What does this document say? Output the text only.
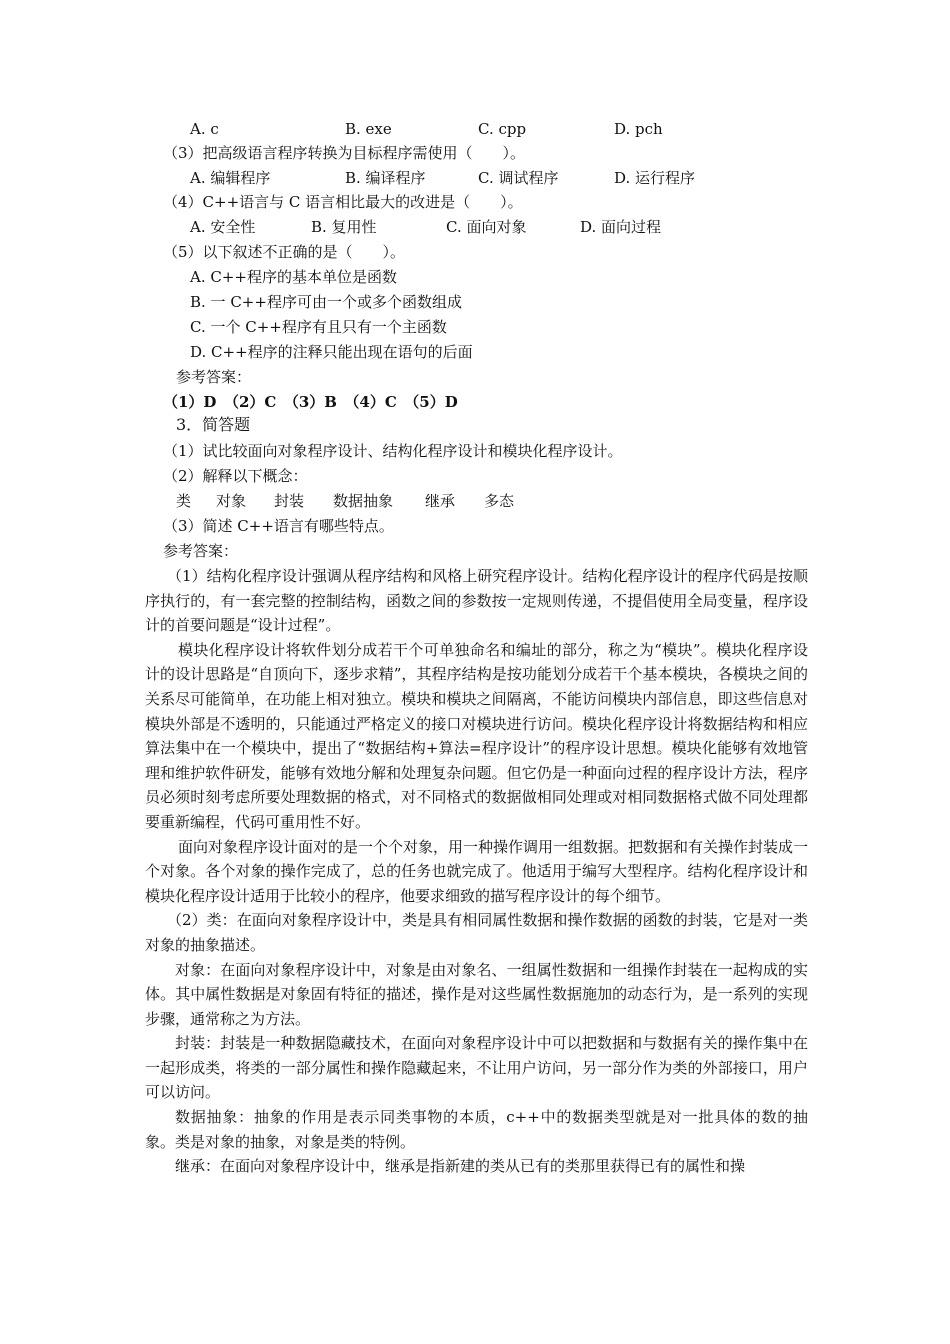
A. c	B. exe	C. cpp	D. pch
（3）把高级语言程序转换为目标程序需使用（　　）。
A. 编辑程序	B. 编译程序	C. 调试程序	D. 运行程序
（4）C++语言与 C 语言相比最大的改进是（　　）。
A. 安全性	B. 复用性	C. 面向对象	D. 面向过程
（5）以下叙述不正确的是（　　）。
A. C++程序的基本单位是函数
B. 一 C++程序可由一个或多个函数组成
C. 一个 C++程序有且只有一个主函数
D. C++程序的注释只能出现在语句的后面
参考答案：
（1）D　（2）C　（3）B　（4）C　（5）D
3．简答题
（1）试比较面向对象程序设计、结构化程序设计和模块化程序设计。
（2）解释以下概念：
类 对象 封装 数据抽象 继承 多态
（3）简述 C++语言有哪些特点。
参考答案：

（1）结构化程序设计强调从程序结构和风格上研究程序设计。结构化程序设计的程序代码是按顺序执行的，有一套完整的控制结构，函数之间的参数按一定规则传递，不提倡使用全局变量，程序设计的首要问题是“设计过程”。

模块化程序设计将软件划分成若干个可单独命名和编址的部分，称之为“模块”。模块化程序设计的设计思路是“自顶向下，逐步求精”，其程序结构是按功能划分成若干个基本模块，各模块之间的关系尽可能简单，在功能上相对独立。模块和模块之间隔离，不能访问模块内部信息，即这些信息对模块外部是不透明的，只能通过严格定义的接口对模块进行访问。模块化程序设计将数据结构和相应算法集中在一个模块中，提出了“数据结构+算法=程序设计”的程序设计思想。模块化能够有效地管理和维护软件研发，能够有效地分解和处理复杂问题。但它仍是一种面向过程的程序设计方法，程序员必须时刻考虑所要处理数据的格式，对不同格式的数据做相同处理或对相同数据格式做不同处理都要重新编程，代码可重用性不好。

面向对象程序设计面对的是一个个对象，用一种操作调用一组数据。把数据和有关操作封装成一个对象。各个对象的操作完成了，总的任务也就完成了。他适用于编写大型程序。结构化程序设计和模块化程序设计适用于比较小的程序，他要求细致的描写程序设计的每个细节。

（2）类：在面向对象程序设计中，类是具有相同属性数据和操作数据的函数的封装，它是对一类对象的抽象描述。

对象：在面向对象程序设计中，对象是由对象名、一组属性数据和一组操作封装在一起构成的实体。其中属性数据是对象固有特征的描述，操作是对这些属性数据施加的动态行为，是一系列的实现步骤，通常称之为方法。

封装：封装是一种数据隐藏技术，在面向对象程序设计中可以把数据和与数据有关的操作集中在一起形成类，将类的一部分属性和操作隐藏起来，不让用户访问，另一部分作为类的外部接口，用户可以访问。

数据抽象：抽象的作用是表示同类事物的本质，c++中的数据类型就是对一批具体的数的抽象。类是对象的抽象，对象是类的特例。

继承：在面向对象程序设计中，继承是指新建的类从已有的类那里获得已有的属性和操
